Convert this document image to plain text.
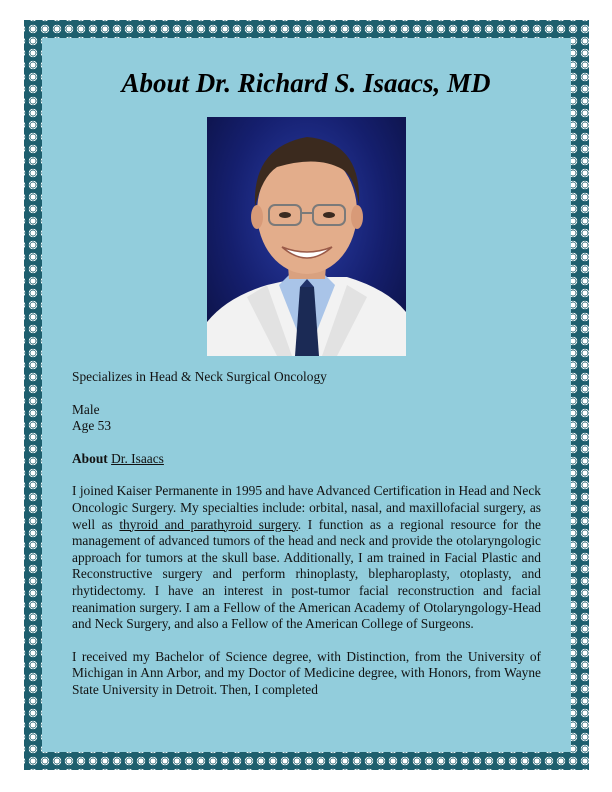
About Dr. Richard S. Isaacs, MD

Specializes in Head & Neck Surgical Oncology

Male
Age 53

About Dr. Isaacs

I joined Kaiser Permanente in 1995 and have Advanced Certification in Head and Neck Oncologic Surgery. My specialties include: orbital, nasal, and maxillofacial surgery, as well as thyroid and parathyroid surgery. I function as a regional resource for the management of advanced tumors of the head and neck and provide the otolaryngologic approach for tumors at the skull base. Additionally, I am trained in Facial Plastic and Reconstructive surgery and perform rhinoplasty, blepharoplasty, otoplasty, and rhytidectomy. I have an interest in post-tumor facial reconstruction and facial reanimation surgery. I am a Fellow of the American Academy of Otolaryngology-Head and Neck Surgery, and also a Fellow of the American College of Surgeons.

I received my Bachelor of Science degree, with Distinction, from the University of Michigan in Ann Arbor, and my Doctor of Medicine degree, with Honors, from Wayne State University in Detroit. Then, I completed
